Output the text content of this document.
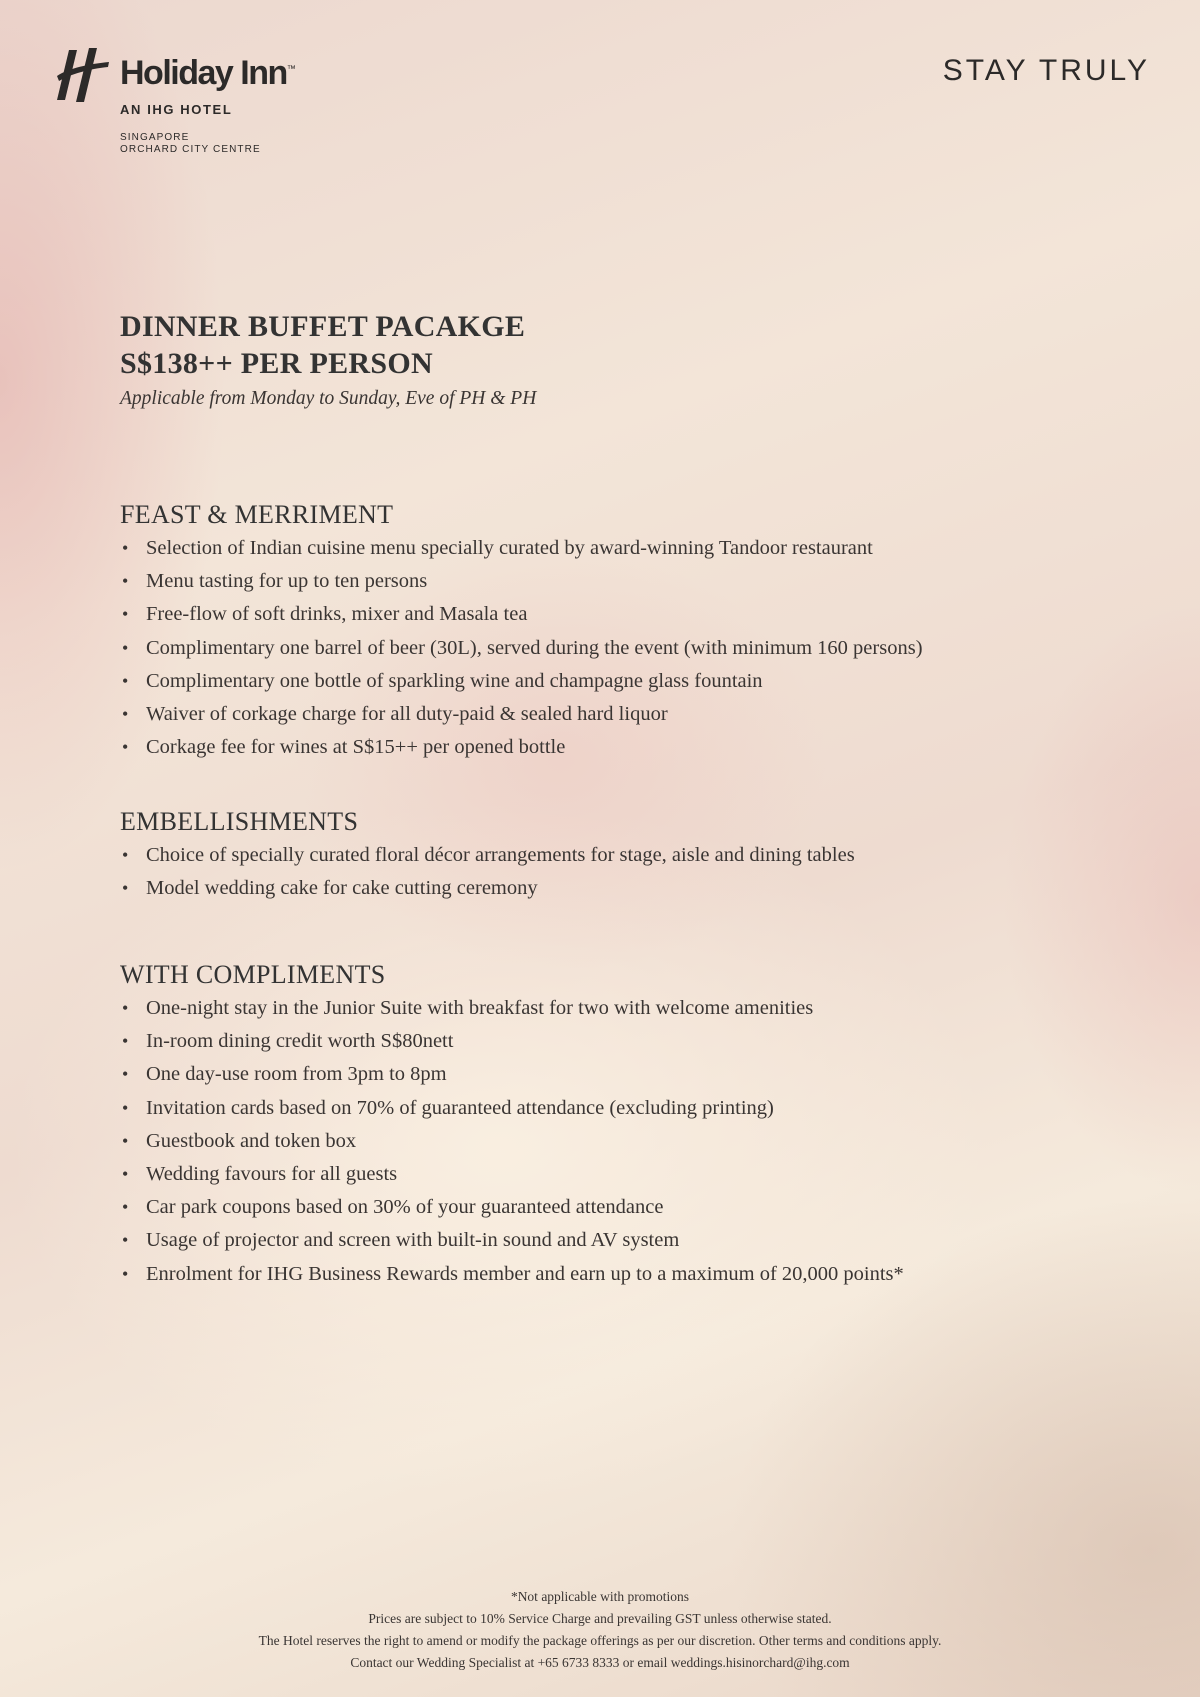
Holiday Inn™
AN IHG HOTEL
SINGAPORE
ORCHARD CITY CENTRE
STAY TRULY
DINNER BUFFET PACAKGE
S$138++ PER PERSON
Applicable from Monday to Sunday, Eve of PH & PH
FEAST & MERRIMENT
• Selection of Indian cuisine menu specially curated by award-winning Tandoor restaurant
• Menu tasting for up to ten persons
• Free-flow of soft drinks, mixer and Masala tea
• Complimentary one barrel of beer (30L), served during the event (with minimum 160 persons)
• Complimentary one bottle of sparkling wine and champagne glass fountain
• Waiver of corkage charge for all duty-paid & sealed hard liquor
• Corkage fee for wines at S$15++ per opened bottle
EMBELLISHMENTS
• Choice of specially curated floral décor arrangements for stage, aisle and dining tables
• Model wedding cake for cake cutting ceremony
WITH COMPLIMENTS
• One-night stay in the Junior Suite with breakfast for two with welcome amenities
• In-room dining credit worth S$80nett
• One day-use room from 3pm to 8pm
• Invitation cards based on 70% of guaranteed attendance (excluding printing)
• Guestbook and token box
• Wedding favours for all guests
• Car park coupons based on 30% of your guaranteed attendance
• Usage of projector and screen with built-in sound and AV system
• Enrolment for IHG Business Rewards member and earn up to a maximum of 20,000 points*
*Not applicable with promotions
Prices are subject to 10% Service Charge and prevailing GST unless otherwise stated.
The Hotel reserves the right to amend or modify the package offerings as per our discretion. Other terms and conditions apply.
Contact our Wedding Specialist at +65 6733 8333 or email weddings.hisinorchard@ihg.com
